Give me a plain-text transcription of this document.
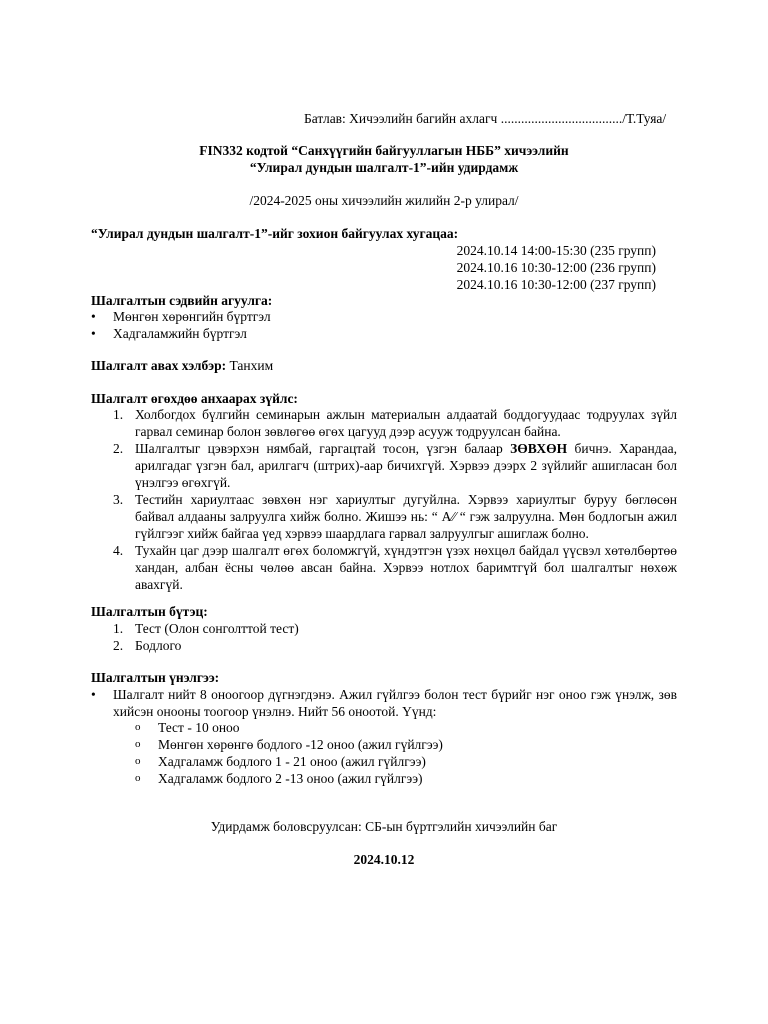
Батлав: Хичээлийн багийн ахлагч ..................................../Т.Туяа/
FIN332 кодтой “Санхүүгийн байгууллагын НББ” хичээлийн
“Улирал дундын шалгалт-1”-ийн удирдамж
/2024-2025 оны хичээлийн жилийн 2-р улирал/
“Улирал дундын шалгалт-1”-ийг зохион байгуулах хугацаа:
2024.10.14 14:00-15:30 (235 групп)
2024.10.16 10:30-12:00 (236 групп)
2024.10.16 10:30-12:00 (237 групп)
Шалгалтын сэдвийн агуулга:
•	Мөнгөн хөрөнгийн бүртгэл
•	Хадгаламжийн бүртгэл
Шалгалт авах хэлбэр: Танхим
Шалгалт өгөхдөө анхаарах зүйлс:
1. Холбогдох бүлгийн семинарын ажлын материалын алдаатай боддогуудаас тодруулах зүйл гарвал семинар болон зөвлөгөө өгөх цагууд дээр асууж тодруулсан байна.
2. Шалгалтыг цэвэрхэн нямбай, гаргацтай тосон, үзгэн балаар ЗӨВХӨН бичнэ. Харандаа, арилгадаг үзгэн бал, арилгагч (штрих)-аар бичихгүй. Хэрвээ дээрх 2 зүйлийг ашигласан бол үнэлгээ өгөхгүй.
3. Тестийн хариултаас зөвхөн нэг хариултыг дугуйлна. Хэрвээ хариултыг буруу бөглөсөн байвал алдааны залруулга хийж болно. Жишээ нь: “ A⁄⁄ “ гэж залруулна. Мөн бодлогын ажил гүйлгээг хийж байгаа үед хэрвээ шаардлага гарвал залруулгыг ашиглаж болно.
4. Тухайн цаг дээр шалгалт өгөх боломжгүй, хүндэтгэн үзэх нөхцөл байдал үүсвэл хөтөлбөртөө хандан, албан ёсны чөлөө авсан байна. Хэрвээ нотлох баримтгүй бол шалгалтыг нөхөж авахгүй.
Шалгалтын бүтэц:
1. Тест (Олон сонголттой тест)
2. Бодлого
Шалгалтын үнэлгээ:
• Шалгалт нийт 8 оноогоор дүгнэгдэнэ. Ажил гүйлгээ болон тест бүрийг нэг оноо гэж үнэлж, зөв хийсэн онооны тоогоор үнэлнэ. Нийт 56 оноотой. Үүнд:
o Тест - 10 оноо
o Мөнгөн хөрөнгө бодлого -12 оноо (ажил гүйлгээ)
o Хадгаламж бодлого 1 - 21 оноо (ажил гүйлгээ)
o Хадгаламж бодлого 2 -13 оноо (ажил гүйлгээ)
Удирдамж боловсруулсан: СБ-ын бүртгэлийн хичээлийн баг
2024.10.12
